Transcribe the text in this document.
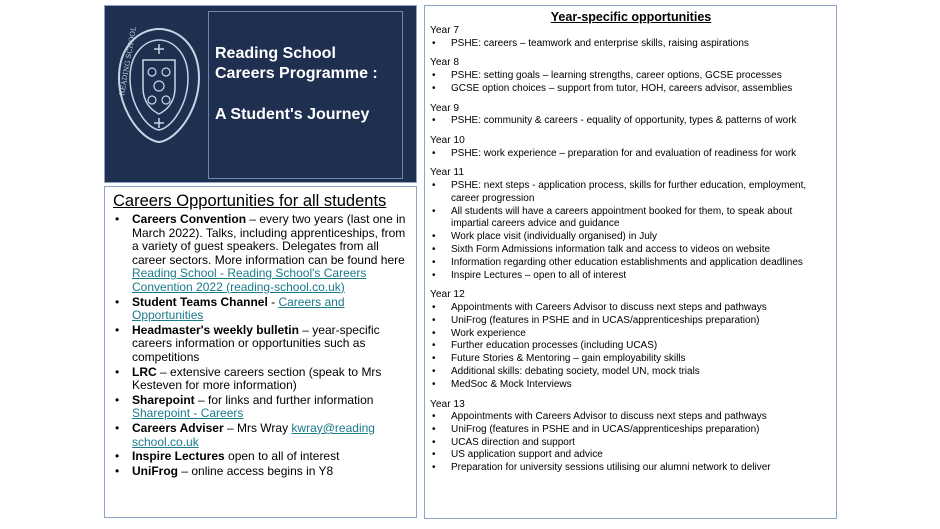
READING SCHOOL	Reading School
Careers Programme :
A Student's Journey
Careers Opportunities for all students
• Careers Convention – every two years (last one in March 2022). Talks, including apprenticeships, from a variety of guest speakers. Delegates from all career sectors. More information can be found here Reading School - Reading School's Careers Convention 2022 (reading-school.co.uk)
• Student Teams Channel - Careers and Opportunities
• Headmaster's weekly bulletin – year-specific careers information or opportunities such as competitions
• LRC – extensive careers section (speak to Mrs Kesteven for more information)
• Sharepoint – for links and further information Sharepoint - Careers
• Careers Adviser – Mrs Wray kwray@reading school.co.uk
• Inspire Lectures open to all of interest
• UniFrog – online access begins in Y8
Year-specific opportunities
Year 7
• PSHE: careers – teamwork and enterprise skills, raising aspirations
Year 8
• PSHE: setting goals – learning strengths, career options, GCSE processes
• GCSE option choices – support from tutor, HOH, careers advisor, assemblies
Year 9
• PSHE: community & careers - equality of opportunity, types & patterns of work
Year 10
• PSHE: work experience – preparation for and evaluation of readiness for work
Year 11
• PSHE: next steps - application process, skills for further education, employment, career progression
• All students will have a careers appointment booked for them, to speak about impartial careers advice and guidance
• Work place visit (individually organised) in July
• Sixth Form Admissions information talk and access to videos on website
• Information regarding other education establishments and application deadlines
• Inspire Lectures – open to all of interest
Year 12
• Appointments with Careers Advisor to discuss next steps and pathways
• UniFrog (features in PSHE and in UCAS/apprenticeships preparation)
• Work experience
• Further education processes (including UCAS)
• Future Stories & Mentoring – gain employability skills
• Additional skills: debating society, model UN, mock trials
• MedSoc & Mock Interviews
Year 13
• Appointments with Careers Advisor to discuss next steps and pathways
• UniFrog (features in PSHE and in UCAS/apprenticeships preparation)
• UCAS direction and support
• US application support and advice
• Preparation for university sessions utilising our alumni network to deliver
